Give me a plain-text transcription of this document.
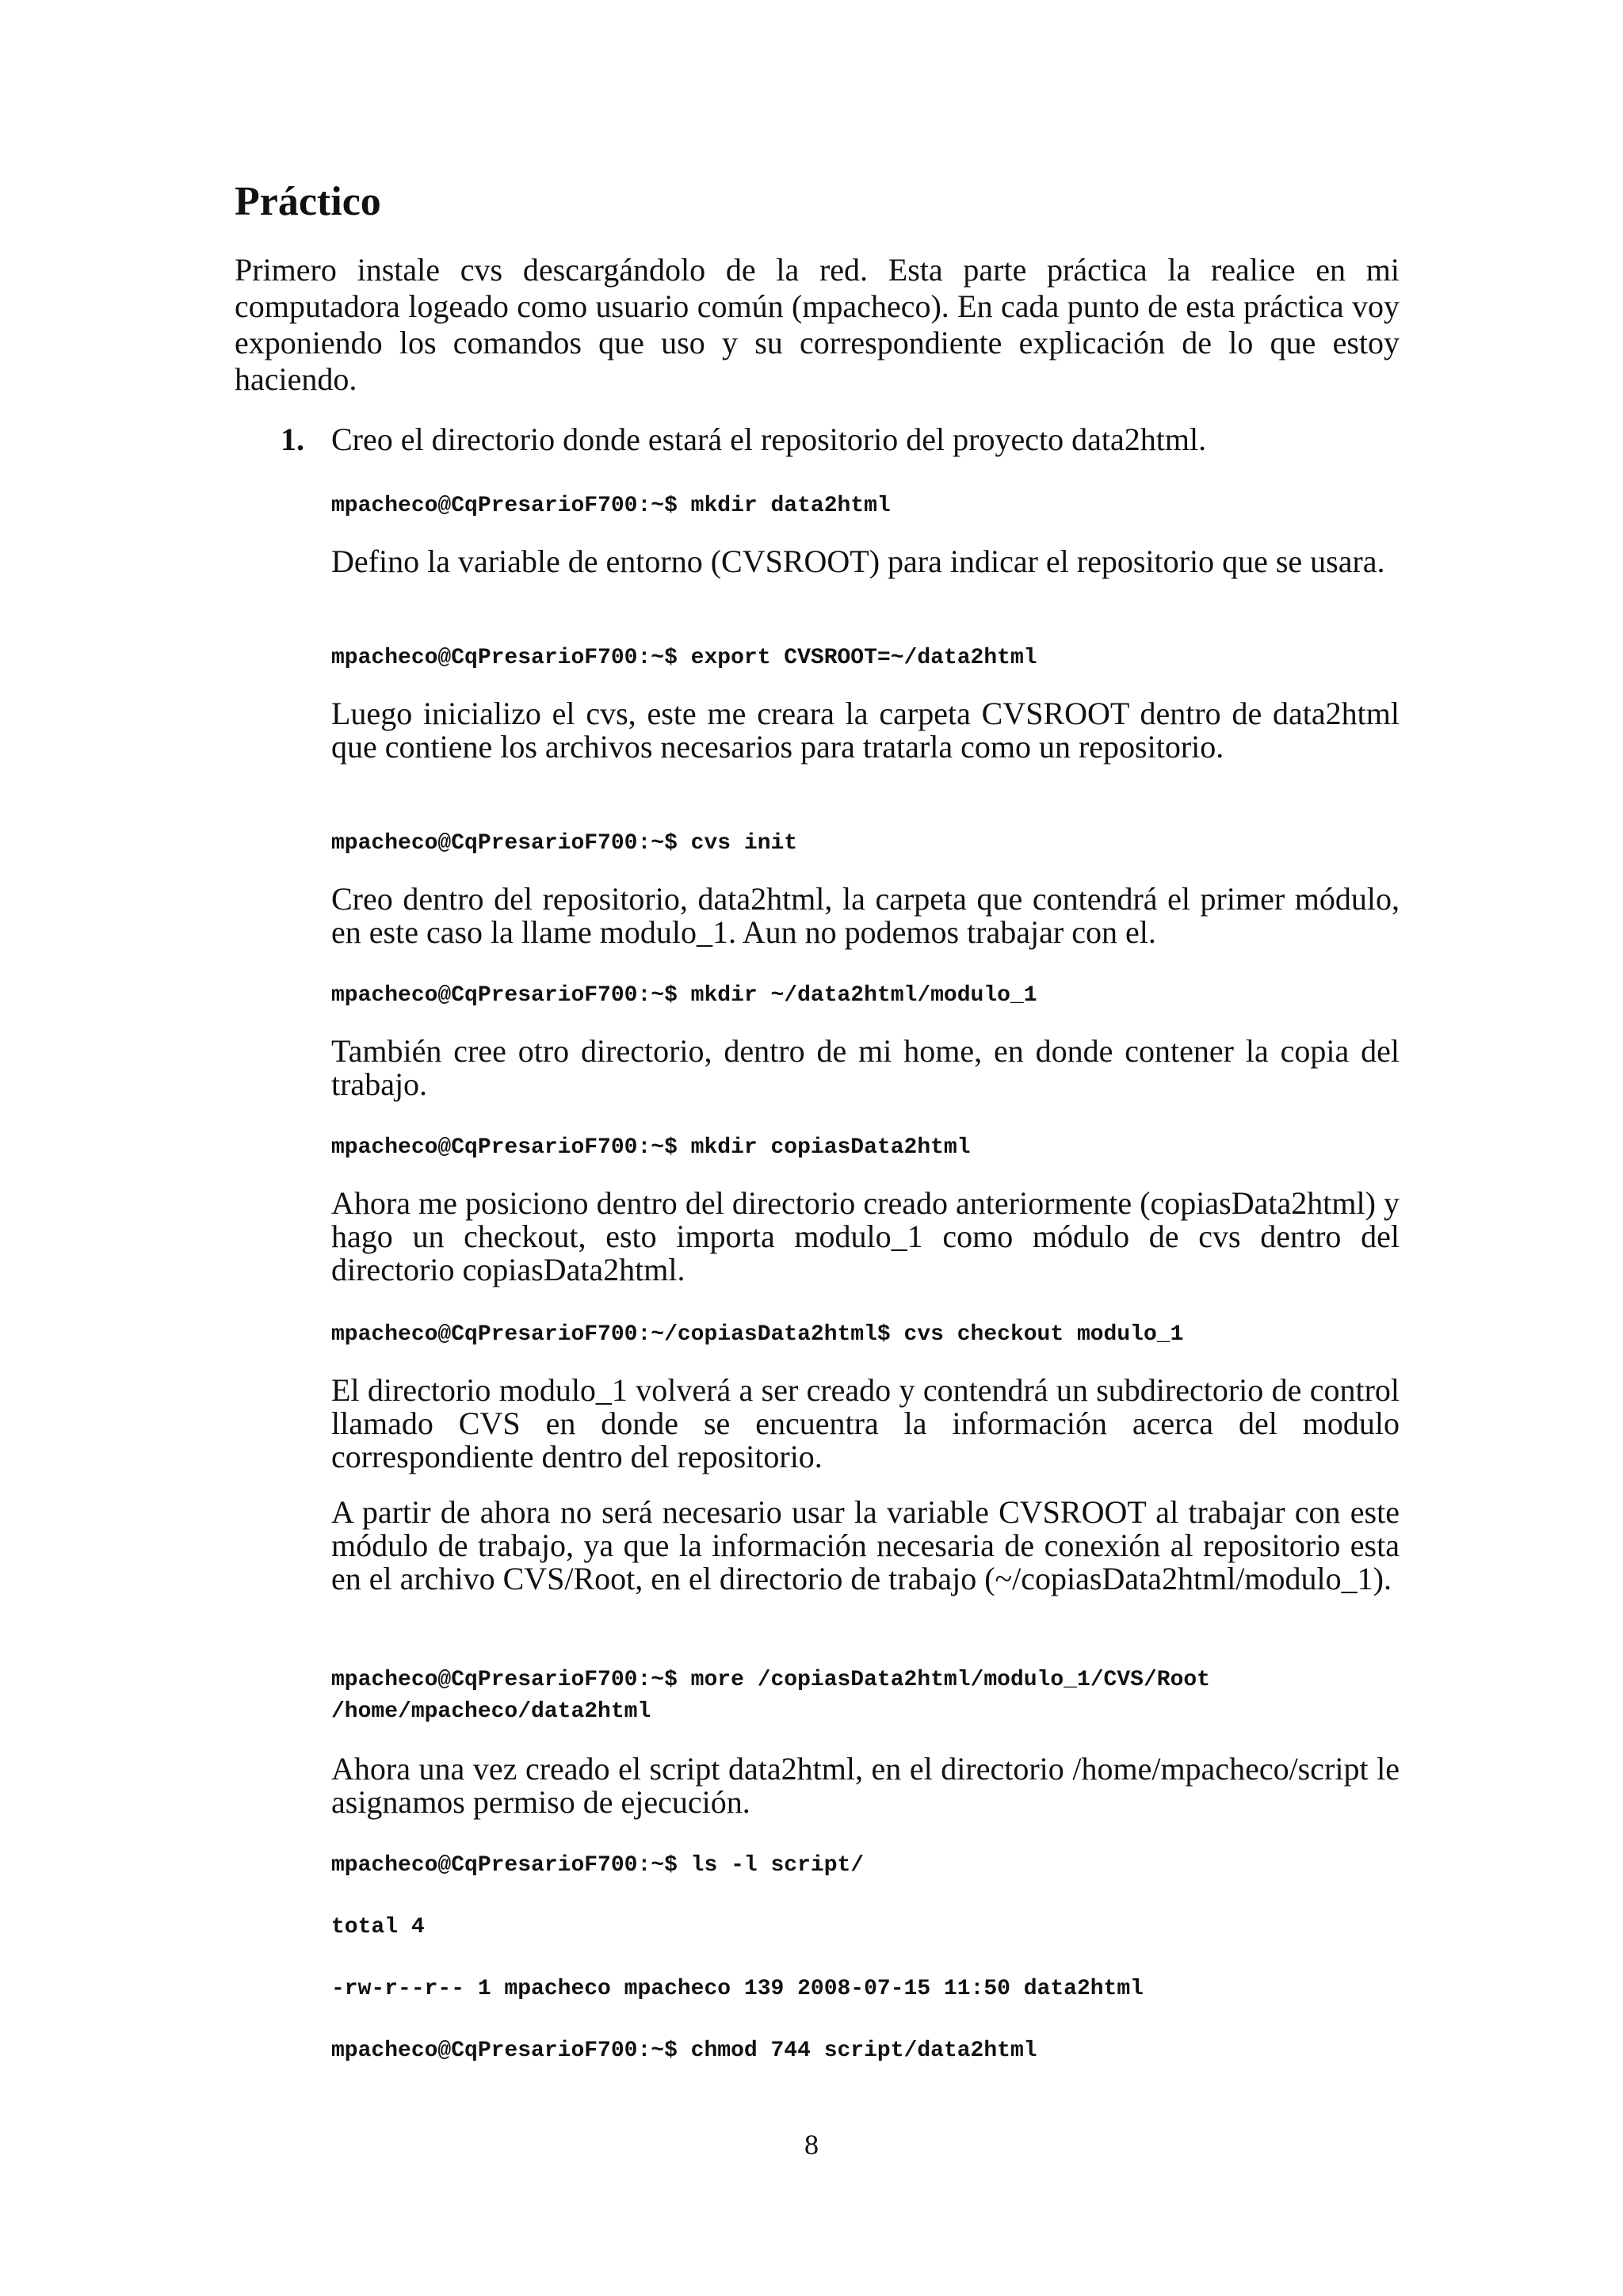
Práctico

Primero instale cvs descargándolo de la red. Esta parte práctica la realice en mi computadora logeado como usuario común (mpacheco). En cada punto de esta práctica voy exponiendo los comandos que uso y su correspondiente explicación de lo que estoy haciendo.

1. Creo el directorio donde estará el repositorio del proyecto data2html.
mpacheco@CqPresarioF700:~$ mkdir data2html

Defino la variable de entorno (CVSROOT) para indicar el repositorio que se usara.

mpacheco@CqPresarioF700:~$ export CVSROOT=~/data2html

Luego inicializo el cvs, este me creara la carpeta CVSROOT dentro de data2html que contiene los archivos necesarios para tratarla como un repositorio.

mpacheco@CqPresarioF700:~$ cvs init

Creo dentro del repositorio, data2html, la carpeta que contendrá el primer módulo, en este caso la llame modulo_1. Aun no podemos trabajar con el.

mpacheco@CqPresarioF700:~$ mkdir ~/data2html/modulo_1

También cree otro directorio, dentro de mi home, en donde contener la copia del trabajo.

mpacheco@CqPresarioF700:~$ mkdir copiasData2html

Ahora me posiciono dentro del directorio creado anteriormente (copiasData2html) y hago un checkout, esto importa modulo_1 como módulo de cvs dentro del directorio copiasData2html.

mpacheco@CqPresarioF700:~/copiasData2html$ cvs checkout modulo_1

El directorio modulo_1 volverá a ser creado y contendrá un subdirectorio de control llamado CVS en donde se encuentra la información acerca del modulo correspondiente dentro del repositorio.

A partir de ahora no será necesario usar la variable CVSROOT al trabajar con este módulo de trabajo, ya que la información necesaria de conexión al repositorio esta en el archivo CVS/Root, en el directorio de trabajo (~/copiasData2html/modulo_1).

mpacheco@CqPresarioF700:~$ more /copiasData2html/modulo_1/CVS/Root
/home/mpacheco/data2html

Ahora una vez creado el script data2html, en el directorio /home/mpacheco/script le asignamos permiso de ejecución.

mpacheco@CqPresarioF700:~$ ls -l script/
total 4
-rw-r--r-- 1 mpacheco mpacheco 139 2008-07-15 11:50 data2html
mpacheco@CqPresarioF700:~$ chmod 744 script/data2html
8
